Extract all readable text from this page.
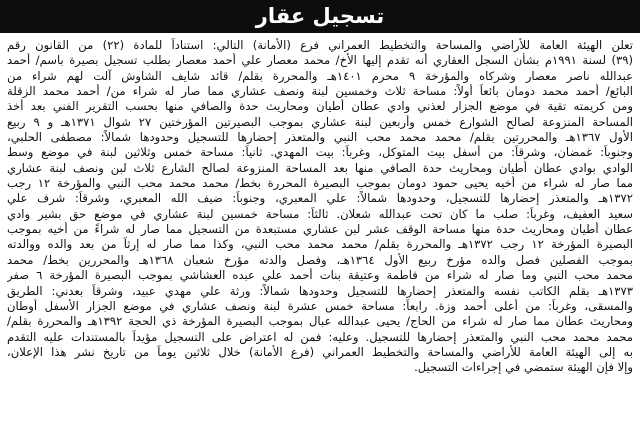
تسجيل عقار
تعلن الهيئة العامة للأراضي والمساحة والتخطيط العمراني فرع (الأمانة) التالي: استناداً للمادة (٢٢) من القانون رقم
(٣٩) لسنة ١٩٩١م بشأن السجل العقاري أنه تقدم إليها الأخ/ محمد معصار علي أحمد معصار بطلب تسجيل بصيرة باسم/ أحمد
عبدالله ناصر معصار وشركاه والمؤرخة ٩ محرم ١٤٠١هـ والمحررة بقلم/ قائد شايف الشاوش آلت لهم شراء من
البائع/ أحمد محمد دومان بائعاً أولاً: مساحة ثلاث وخمسين لبنة ونصف عشاري مما صار له شراء من/ أحمد محمد الزقلة
ومن كريمته تقية في موضع الجزار لعذني وادي عطان أطيان ومحاريث حدة والصافي منها بحسب التقرير الفني بعد أخذ
المساحة المنزوعة لصالح الشوارع خمس وأربعين لبنة عشاري بموجب البصيرتين المؤرختين ٢٧ شوال ١٣٧١هـ و ٩ ربيع
الأول ١٣٦٧هـ والمحررتين بقلم/ محمد محمد محب النبي والمتعذر إحضارها للتسجيل وحدودها شمالاً: مصطفى الحلبي،
وجنوباً: غمضان، وشرقاً: من أسفل بيت المتوكل، وغرباً: بيت المهدي. ثانياً: مساحة خمس وثلاثين لبنة في موضع وسط
الوادي بوادي عطان أطيان ومحاريث حدة الصافي منها بعد المساحة المنزوعة لصالح الشارع ثلاث لبن ونصف لبنة عشاري
مما صار له شراء من أخيه يحيى حمود دومان بموجب البصيرة المحررة بخط/ محمد محمد محب النبي والمؤرخة ١٢ رجب
١٣٧٢هـ والمتعذر إحضارها للتسجيل، وحدودها شمالاً: علي المعبري، وجنوباً: ضيف الله المعبري، وشرقاً: شرف علي
سعيد العفيف، وغرباً: صلب ما كان تحت عبدالله شعلان. ثالثاً: مساحة خمسين لبنة عشاري في موضع حق بشير وادي
عطان أطيان ومحاريث حدة منها مساحة الوقف عشر لبن عشاري مستبعدة من التسجيل مما صار له شراءً من أخيه بموجب
البصيرة المؤرخة ١٢ رجب ١٣٧٢هـ والمحررة بقلم/ محمد محمد محب النبي، وكذا مما صار له إرثاً من بعد والده ووالدته
بموجب الفصلين فصل والده مؤرخ ربيع الأول ١٣٦٤هـ، وفصل والدته مؤرخ شعبان ١٣٦٨هـ والمحررين بخط/ محمد
محمد محب النبي وما صار له شراء من فاطمة وعتيقة بنات أحمد علي عبده العشاشي بموجب البصيرة المؤرخة ٦ صفر
١٣٧٣هـ بقلم الكاتب نفسه والمتعذر إحضارها للتسجيل وحدودها شمالاً: ورثة علي مهدي عبيد، وشرقاً بعدني: الطريق
والمسقى، وغرباً: من أعلى أحمد وزة. رابعاً: مساحة خمس عشرة لبنة ونصف عشاري في موضع الجزار الأسفل أوطان
ومحاريث عطان مما صار له شراء من الحاج/ يحيى عبدالله عبال بموجب البصيرة المؤرخة ذي الحجة ١٣٩٢هـ والمحررة بقلم/
محمد محمد محب النبي والمتعذر إحضارها للتسجيل. وعليه: فمن له اعتراض على التسجيل مؤيداً بالمستندات عليه التقدم
به إلى الهيئة العامة للأراضي والمساحة والتخطيط العمراني (فرع الأمانة) خلال ثلاثين يوماً من تاريخ نشر هذا الإعلان،
وإلا فإن الهيئة ستمضي في إجراءات التسجيل.
